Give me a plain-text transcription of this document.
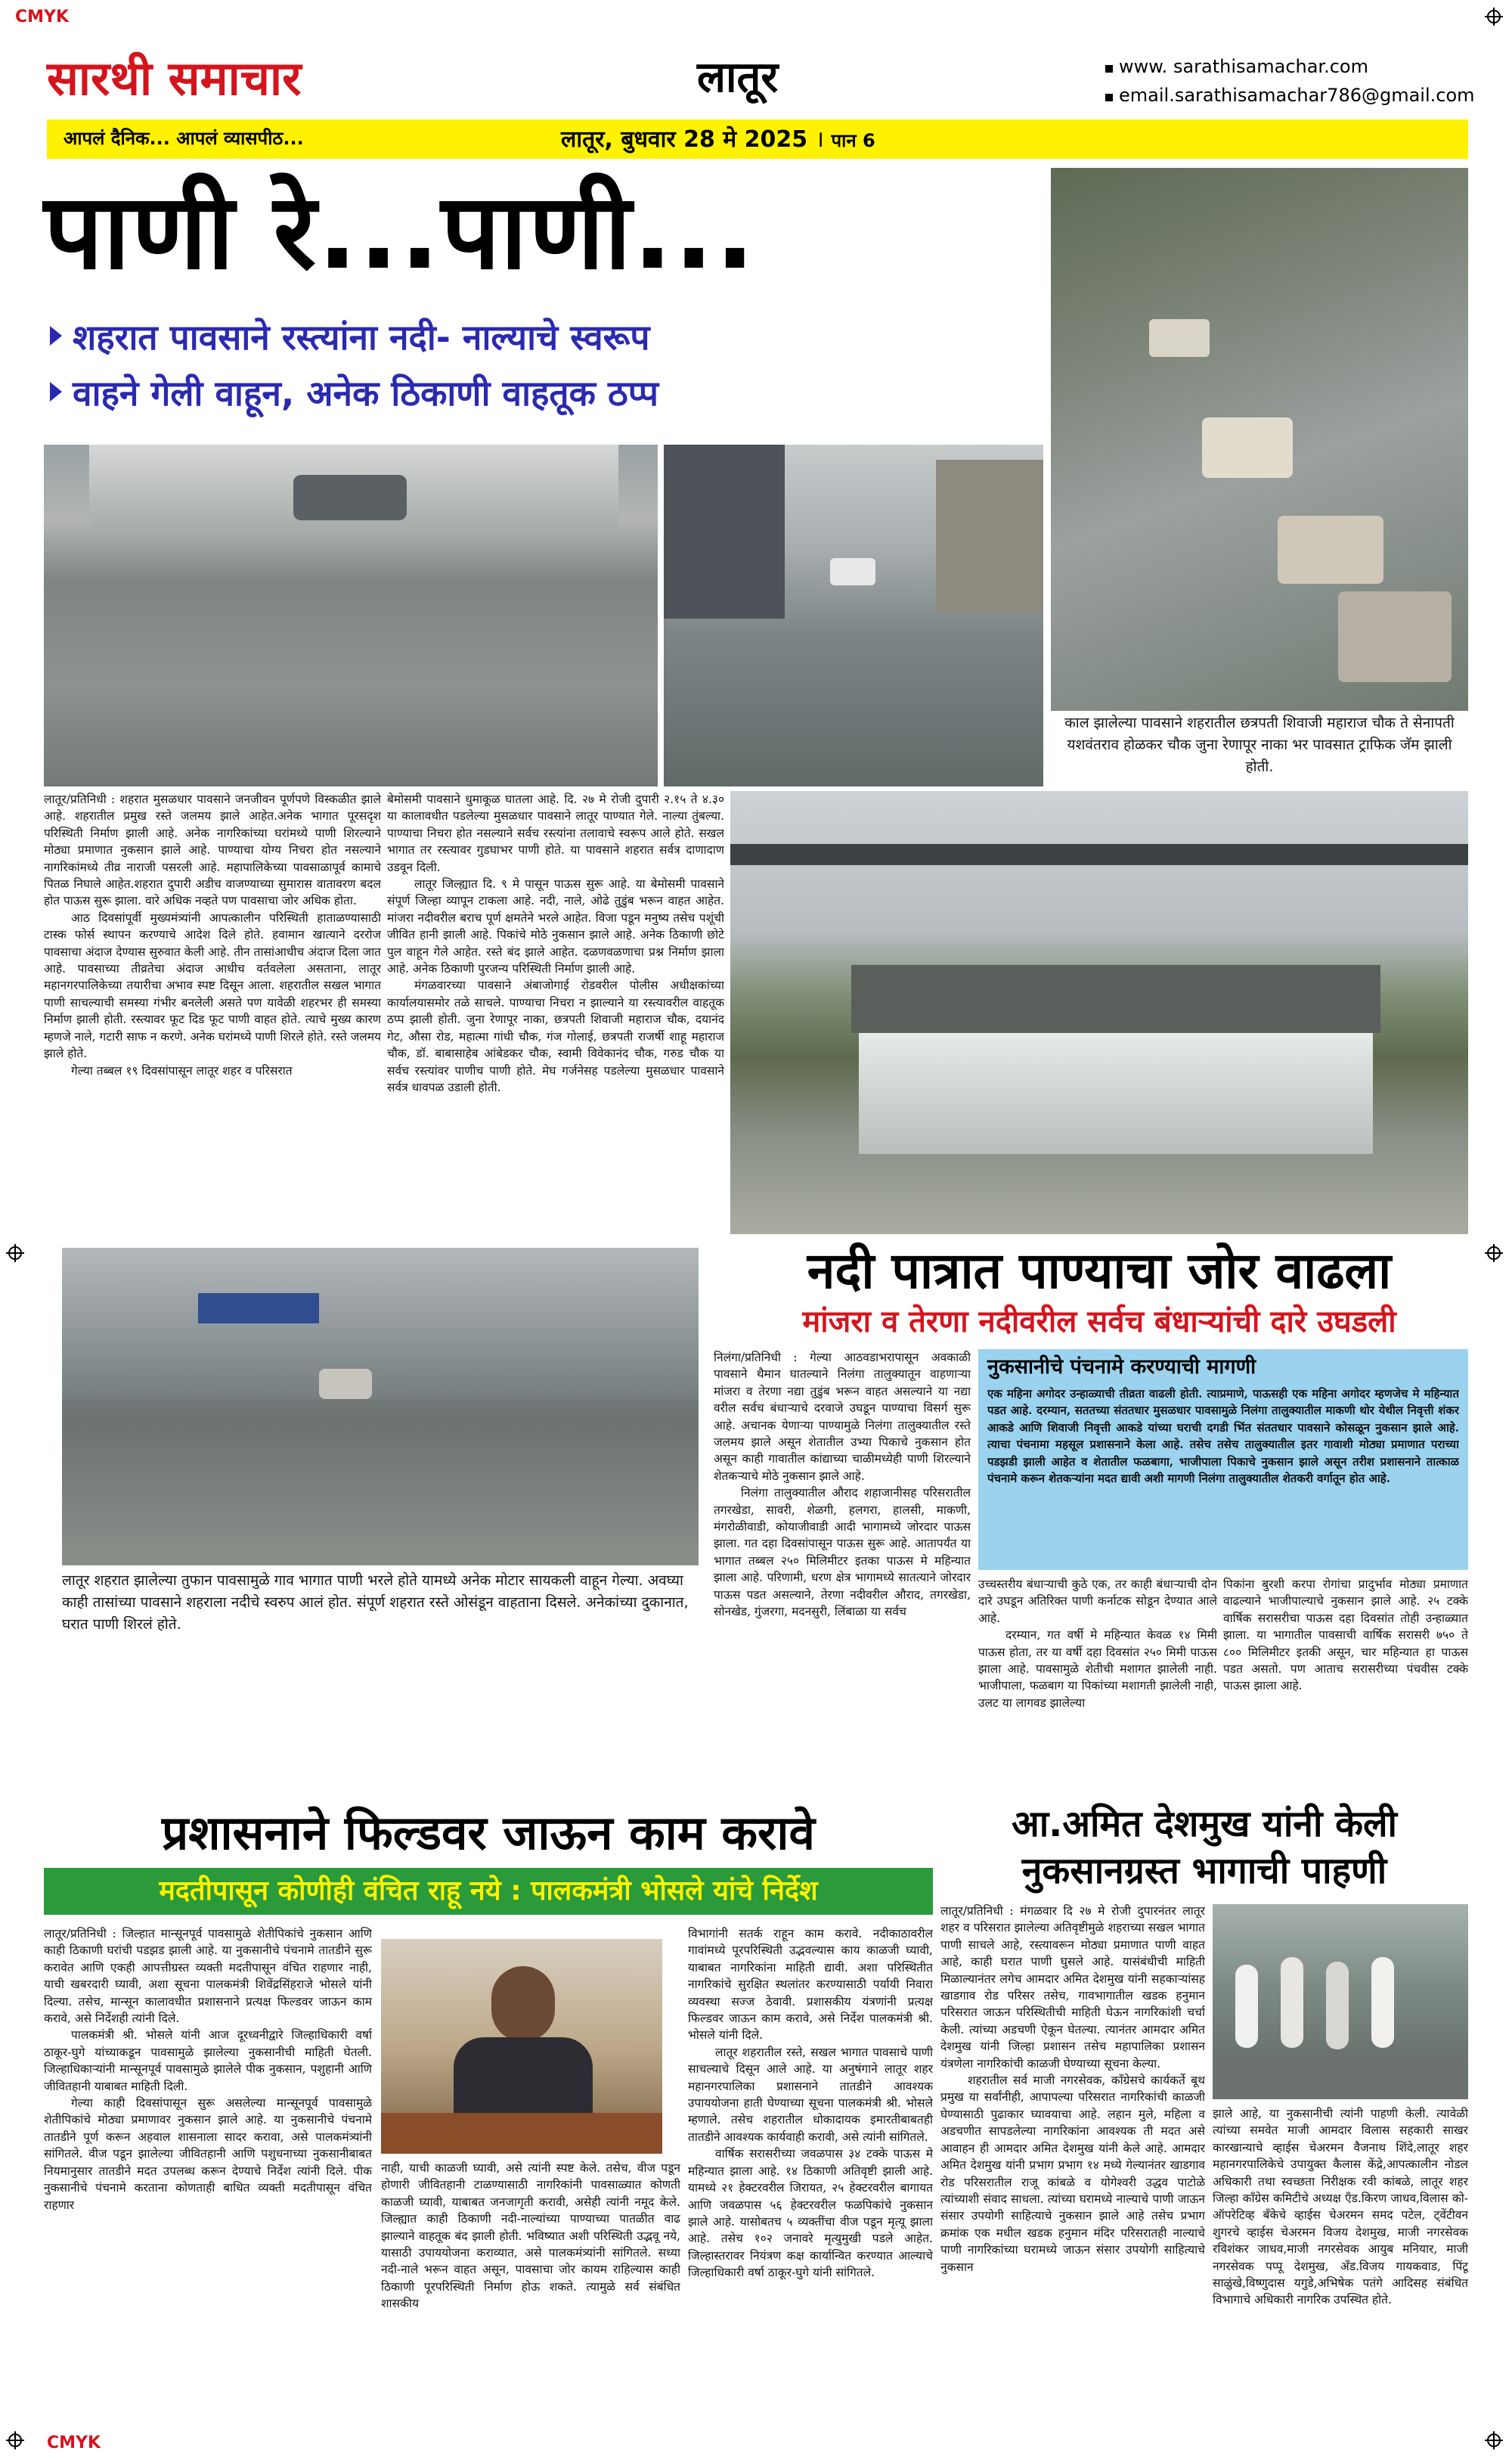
CMYK
CMYK
सारथी समाचार	लातूर	www. sarathisamachar.com
email.sarathisamachar786@gmail.com
आपलं दैनिक... आपलं व्यासपीठ...	लातूर, बुधवार 28 मे 2025 । पान 6
पाणी रे...पाणी...
शहरात पावसाने रस्त्यांना नदी- नाल्याचे स्वरूप
वाहने गेली वाहून, अनेक ठिकाणी वाहतूक ठप्प
काल झालेल्या पावसाने शहरातील छत्रपती शिवाजी महाराज चौक ते सेनापती यशवंतराव होळकर चौक जुना रेणापूर नाका भर पावसात ट्राफिक जॅम झाली होती.

लातूर/प्रतिनिधी : शहरात मुसळधार पावसाने जनजीवन पूर्णपणे विस्कळीत झाले आहे. शहरातील प्रमुख रस्ते जलमय झाले आहेत.अनेक भागात पूरसदृश परिस्थिती निर्माण झाली आहे. अनेक नागरिकांच्या घरांमध्ये पाणी शिरल्याने मोठ्या प्रमाणात नुकसान झाले आहे. पाण्याचा योग्य निचरा होत नसल्याने नागरिकांमध्ये तीव्र नाराजी पसरली आहे. महापालिकेच्या पावसाळापूर्व कामाचे पितळ निघाले आहेत.शहरात दुपारी अडीच वाजण्याच्या सुमारास वातावरण बदल होत पाऊस सुरू झाला. वारे अधिक नव्हते पण पावसाचा जोर अधिक होता.

आठ दिवसांपूर्वी मुख्यमंत्र्यांनी आपत्कालीन परिस्थिती हाताळण्यासाठी टास्क फोर्स स्थापन करण्याचे आदेश दिले होते. हवामान खात्याने दररोज पावसाचा अंदाज देण्यास सुरुवात केली आहे. तीन तासांआधीच अंदाज दिला जात आहे. पावसाच्या तीव्रतेचा अंदाज आधीच वर्तवलेला असताना, लातूर महानगरपालिकेच्या तयारीचा अभाव स्पष्ट दिसून आला. शहरातील सखल भागात पाणी साचल्याची समस्या गंभीर बनलेली असते पण यावेळी शहरभर ही समस्या निर्माण झाली होती. रस्त्यावर फूट दिड फूट पाणी वाहत होते. त्याचे मुख्य कारण म्हणजे नाले, गटारी साफ न करणे. अनेक घरांमध्ये पाणी शिरले होते. रस्ते जलमय झाले होते.

गेल्या तब्बल १९ दिवसांपासून लातूर शहर व परिसरात

बेमोसमी पावसाने धुमाकूळ घातला आहे. दि. २७ मे रोजी दुपारी २.१५ ते ४.३० या कालावधीत पडलेल्या मुसळधार पावसाने लातूर पाण्यात गेले. नाल्या तुंबल्या. पाण्याचा निचरा होत नसल्याने सर्वच रस्त्यांना तलावाचे स्वरूप आले होते. सखल भागात तर रस्त्यावर गुडघाभर पाणी होते. या पावसाने शहरात सर्वत्र दाणादाण उडवून दिली.

लातूर जिल्ह्यात दि. ९ मे पासून पाऊस सुरू आहे. या बेमोसमी पावसाने संपूर्ण जिल्हा व्यापून टाकला आहे. नदी, नाले, ओढे तुडुंब भरून वाहत आहेत. मांजरा नदीवरील बराच पूर्ण क्षमतेने भरले आहेत. विजा पडून मनुष्य तसेच पशूंची जीवित हानी झाली आहे. पिकांचे मोठे नुकसान झाले आहे. अनेक ठिकाणी छोटे पुल वाहून गेले आहेत. रस्ते बंद झाले आहेत. दळणवळणाचा प्रश्न निर्माण झाला आहे. अनेक ठिकाणी पुरजन्य परिस्थिती निर्माण झाली आहे.

मंगळवारच्या पावसाने अंबाजोगाई रोडवरील पोलीस अधीक्षकांच्या कार्यालयासमोर तळे साचले. पाण्याचा निचरा न झाल्याने या रस्त्यावरील वाहतूक ठप्प झाली होती. जुना रेणापूर नाका, छत्रपती शिवाजी महाराज चौक, दयानंद गेट, औसा रोड, महात्मा गांधी चौक, गंज गोलाई, छत्रपती राजर्षी शाहू महाराज चौक, डॉ. बाबासाहेब आंबेडकर चौक, स्वामी विवेकानंद चौक, गरुड चौक या सर्वच रस्त्यांवर पाणीच पाणी होते. मेघ गर्जनेसह पडलेल्या मुसळधार पावसाने सर्वत्र धावपळ उडाली होती.

लातूर शहरात झालेल्या तुफान पावसामुळे गाव भागात पाणी भरले होते यामध्ये अनेक मोटार सायकली वाहून गेल्या. अवघ्या काही तासांच्या पावसाने शहराला नदीचे स्वरुप आलं होत. संपूर्ण शहरात रस्ते ओसंडून वाहताना दिसले. अनेकांच्या दुकानात, घरात पाणी शिरलं होते.
नदी पात्रात पाण्याचा जोर वाढला
मांजरा व तेरणा नदीवरील सर्वच बंधाऱ्यांची दारे उघडली

निलंगा/प्रतिनिधी : गेल्या आठवडाभरापासून अवकाळी पावसाने थैमान घातल्याने निलंगा तालुक्यातून वाहणाऱ्या मांजरा व तेरणा नद्या तुडुंब भरून वाहत असल्याने या नद्या वरील सर्वच बंधाऱ्याचे दरवाजे उघडून पाण्याचा विसर्ग सुरू आहे. अचानक येणाऱ्या पाण्यामुळे निलंगा तालुक्यातील रस्ते जलमय झाले असून शेतातील उभ्या पिकाचे नुकसान होत असून काही गावातील कांद्याच्या चाळीमध्येही पाणी शिरल्याने शेतकऱ्याचे मोठे नुकसान झाले आहे.

निलंगा तालुक्यातील औराद शहाजानीसह परिसरातील तगरखेडा, सावरी, शेळगी, हलगरा, हालसी, माकणी, मंगरोळीवाडी, कोयाजीवाडी आदी भागामध्ये जोरदार पाऊस झाला. गत दहा दिवसांपासून पाऊस सुरू आहे. आतापर्यंत या भागात तब्बल २५० मिलिमीटर इतका पाऊस मे महिन्यात झाला आहे. परिणामी, धरण क्षेत्र भागामध्ये सातत्याने जोरदार पाऊस पडत असल्याने, तेरणा नदीवरील औराद, तगरखेडा, सोनखेड, गुंजरगा, मदनसुरी, लिंबाळा या सर्वच

नुकसानीचे पंचनामे करण्याची मागणी
एक महिना अगोदर उन्हाळ्याची तीव्रता वाढली होती. त्याप्रमाणे, पाऊसही एक महिना अगोदर म्हणजेच मे महिन्यात पडत आहे. दरम्यान, सततच्या संततधार मुसळधार पावसामुळे निलंगा तालुक्यातील माकणी थोर येथील निवृत्ती शंकर आकडे आणि शिवाजी निवृत्ती आकडे यांच्या घराची दगडी भिंत संततधार पावसाने कोसळून नुकसान झाले आहे. त्याचा पंचनामा महसूल प्रशासनाने केला आहे. तसेच तसेच तालुक्यातील इतर गावाशी मोठ्या प्रमाणात पराच्या पडझडी झाली आहेत व शेतातील फळबागा, भाजीपाला पिकाचे नुकसान झाले असून तरीश प्रशासनाने तात्काळ पंचनामे करून शेतकऱ्यांना मदत द्यावी अशी मागणी निलंगा तालुक्यातील शेतकरी वर्गातून होत आहे.

उच्चस्तरीय बंधाऱ्याची कुठे एक, तर काही बंधाऱ्याची दोन दारे उघडून अतिरिक्त पाणी कर्नाटक सोडून देण्यात आले आहे.

दरम्यान, गत वर्षी मे महिन्यात केवळ १४ मिमी पाऊस होता, तर या वर्षी दहा दिवसांत २५० मिमी पाऊस झाला आहे. पावसामुळे शेतीची मशागत झालेली नाही. भाजीपाला, फळबाग या पिकांच्या मशागती झालेली नाही, उलट या लागवड झालेल्या

पिकांना बुरशी करपा रोगांचा प्रादुर्भाव मोठ्या प्रमाणात वाढल्याने भाजीपाल्याचे नुकसान झाले आहे. २५ टक्के वार्षिक सरासरीचा पाऊस दहा दिवसांत तोही उन्हाळ्यात झाला. या भागातील पावसाची वार्षिक सरासरी ७५० ते ८०० मिलिमीटर इतकी असून, चार महिन्यात हा पाऊस पडत असतो. पण आताच सरासरीच्या पंचवीस टक्के पाऊस झाला आहे.

प्रशासनाने फिल्डवर जाऊन काम करावे
मदतीपासून कोणीही वंचित राहू नये : पालकमंत्री भोसले यांचे निर्देश

लातूर/प्रतिनिधी : जिल्हात मान्सूनपूर्व पावसामुळे शेतीपिकांचे नुकसान आणि काही ठिकाणी घरांची पडझड झाली आहे. या नुकसानीचे पंचनामे तातडीने सुरू करावेत आणि एकही आपत्तीग्रस्त व्यक्ती मदतीपासून वंचित राहणार नाही, याची खबरदारी घ्यावी, अशा सूचना पालकमंत्री शिवेंद्रसिंहराजे भोसले यांनी दिल्या. तसेच, मान्सून कालावधीत प्रशासनाने प्रत्यक्ष फिल्डवर जाऊन काम करावे, असे निर्देशही त्यांनी दिले.

पालकमंत्री श्री. भोसले यांनी आज दूरध्वनीद्वारे जिल्हाधिकारी वर्षा ठाकूर-घुगे यांच्याकडून पावसामुळे झालेल्या नुकसानीची माहिती घेतली. जिल्हाधिकाऱ्यांनी मान्सूनपूर्व पावसामुळे झालेले पीक नुकसान, पशुहानी आणि जीवितहानी याबाबत माहिती दिली.

गेल्या काही दिवसांपासून सुरू असलेल्या मान्सूनपूर्व पावसामुळे शेतीपिकांचे मोठ्या प्रमाणावर नुकसान झाले आहे. या नुकसानीचे पंचनामे तातडीने पूर्ण करून अहवाल शासनाला सादर करावा, असे पालकमंत्र्यांनी सांगितले. वीज पडून झालेल्या जीवितहानी आणि पशुधनाच्या नुकसानीबाबत नियमानुसार तातडीने मदत उपलब्ध करून देण्याचे निर्देश त्यांनी दिले. पीक नुकसानीचे पंचनामे करताना कोणताही बाधित व्यक्ती मदतीपासून वंचित राहणार

नाही, याची काळजी घ्यावी, असे त्यांनी स्पष्ट केले. तसेच, वीज पडून होणारी जीवितहानी टाळण्यासाठी नागरिकांनी पावसाळ्यात कोणती काळजी घ्यावी, याबाबत जनजागृती करावी, असेही त्यांनी नमूद केले. जिल्ह्यात काही ठिकाणी नदी-नाल्यांच्या पाण्याच्या पातळीत वाढ झाल्याने वाहतूक बंद झाली होती. भविष्यात अशी परिस्थिती उद्भवू नये, यासाठी उपाययोजना कराव्यात, असे पालकमंत्र्यांनी सांगितले. सध्या नदी-नाले भरून वाहत असून, पावसाचा जोर कायम राहिल्यास काही ठिकाणी पूरपरिस्थिती निर्माण होऊ शकते. त्यामुळे सर्व संबंधित शासकीय

विभागांनी सतर्क राहून काम करावे. नदीकाठावरील गावांमध्ये पूरपरिस्थिती उद्भवल्यास काय काळजी घ्यावी, याबाबत नागरिकांना माहिती द्यावी. अशा परिस्थितीत नागरिकांचे सुरक्षित स्थलांतर करण्यासाठी पर्यायी निवारा व्यवस्था सज्ज ठेवावी. प्रशासकीय यंत्रणांनी प्रत्यक्ष फिल्डवर जाऊन काम करावे, असे निर्देश पालकमंत्री श्री. भोसले यांनी दिले.

लातूर शहरातील रस्ते, सखल भागात पावसाचे पाणी साचल्याचे दिसून आले आहे. या अनुषंगाने लातूर शहर महानगरपालिका प्रशासनाने तातडीने आवश्यक उपाययोजना हाती घेण्याच्या सूचना पालकमंत्री श्री. भोसले म्हणाले. तसेच शहरातील धोकादायक इमारतीबाबतही तातडीने आवश्यक कार्यवाही करावी, असे त्यांनी सांगितले.

वार्षिक सरासरीच्या जवळपास ३४ टक्के पाऊस मे महिन्यात झाला आहे. १४ ठिकाणी अतिवृष्टी झाली आहे. यामध्ये २१ हेक्टरवरील जिरायत, २५ हेक्टरवरील बागायत आणि जवळपास ५६ हेक्टरवरील फळपिकांचे नुकसान झाले आहे. यासोबतच ५ व्यक्तींचा वीज पडून मृत्यू झाला आहे. तसेच १०२ जनावरे मृत्युमुखी पडले आहेत. जिल्हास्तरावर नियंत्रण कक्ष कार्यान्वित करण्यात आल्याचे जिल्हाधिकारी वर्षा ठाकूर-घुगे यांनी सांगितले.

आ.अमित देशमुख यांनी केली
नुकसानग्रस्त भागाची पाहणी

लातूर/प्रतिनिधी : मंगळवार दि २७ मे रोजी दुपारनंतर लातूर शहर व परिसरात झालेल्या अतिवृष्टीमुळे शहराच्या सखल भागात पाणी साचले आहे, रस्त्यावरून मोठ्या प्रमाणात पाणी वाहत आहे, काही घरात पाणी घुसले आहे. यासंबंधीची माहिती मिळाल्यानंतर लगेच आमदार अमित देशमुख यांनी सहकाऱ्यांसह खाडगाव रोड परिसर तसेच, गावभागातील खडक हनुमान परिसरात जाऊन परिस्थितीची माहिती घेऊन नागरिकांशी चर्चा केली. त्यांच्या अडचणी ऐकून घेतल्या. त्यानंतर आमदार अमित देशमुख यांनी जिल्हा प्रशासन तसेच महापालिका प्रशासन यंत्रणेला नागरिकांची काळजी घेण्याच्या सूचना केल्या.

शहरातील सर्व माजी नगरसेवक, कॉंग्रेसचे कार्यकर्ते बूथ प्रमुख या सर्वांनीही, आपापल्या परिसरात नागरिकांची काळजी घेण्यासाठी पुढाकार घ्यावयाचा आहे. लहान मुले, महिला व अडचणीत सापडलेल्या नागरिकांना आवश्यक ती मदत असे आवाहन ही आमदार अमित देशमुख यांनी केले आहे. आमदार अमित देशमुख यांनी प्रभाग प्रभाग १४ मध्ये गेल्यानंतर खाडगाव रोड परिसरातील राजू कांबळे व योगेश्वरी उद्धव पाटोळे त्यांच्याशी संवाद साधला. त्यांच्या घरामध्ये नाल्याचे पाणी जाऊन संसार उपयोगी साहित्याचे नुकसान झाले आहे तसेच प्रभाग क्रमांक एक मधील खडक हनुमान मंदिर परिसरातही नाल्याचे पाणी नागरिकांच्या घरामध्ये जाऊन संसार उपयोगी साहित्याचे नुकसान

झाले आहे, या नुकसानीची त्यांनी पाहणी केली. त्यावेळी त्यांच्या समवेत माजी आमदार विलास सहकारी साखर कारखान्याचे व्हाईस चेअरमन वैजनाथ शिंदे,लातूर शहर महानगरपालिकेचे उपायुक्त कैलास केंद्रे,आपत्कालीन नोडल अधिकारी तथा स्वच्छता निरीक्षक रवी कांबळे, लातूर शहर जिल्हा कॉंग्रेस कमिटीचे अध्यक्ष एँड.किरण जाधव,विलास को-ऑपरेटिव्ह बँकेचे व्हाईस चेअरमन समद पटेल, ट्वेंटीवन शुगरचे व्हाईस चेअरमन विजय देशमुख, माजी नगरसेवक रविशंकर जाधव,माजी नगरसेवक आयुब मनियार, माजी नगरसेवक पप्पू देशमुख, अँड.विजय गायकवाड, पिंटू साळुंखे,विष्णुदास यगुडे,अभिषेक पतंगे आदिसह संबंधित विभागाचे अधिकारी नागरिक उपस्थित होते.
